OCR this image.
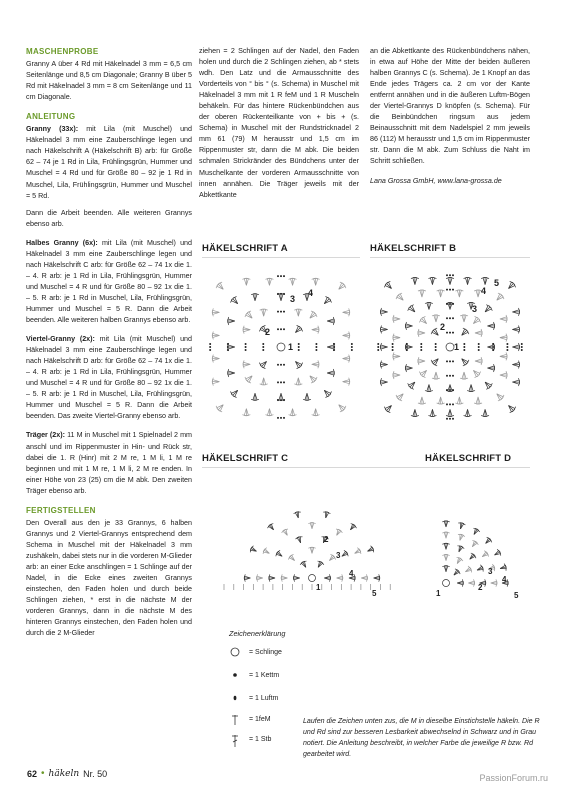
MASCHENPROBE

Granny A über 4 Rd mit Häkelnadel 3 mm = 6,5 cm Seitenlänge und 8,5 cm Diagonale; Granny B über 5 Rd mit Häkelnadel 3 mm = 8 cm Seitenlänge und 11 cm Diagonale.

ANLEITUNG

Granny (33x): mit Lila (mit Muschel) und Häkelnadel 3 mm eine Zauberschlinge legen und nach Häkelschrift A (Häkelschrift B) arb: für Größe 62 – 74 je 1 Rd in Lila, Frühlingsgrün, Hummer und Muschel = 4 Rd und für Größe 80 – 92 je 1 Rd in Muschel, Lila, Frühlingsgrün, Hummer und Muschel = 5 Rd.

Dann die Arbeit beenden. Alle weiteren Grannys ebenso arb.

Halbes Granny (6x): mit Lila (mit Muschel) und Häkelnadel 3 mm eine Zauberschlinge legen und nach Häkelschrift C arb: für Größe 62 – 74 1x die 1. – 4. R arb: je 1 Rd in Lila, Frühlingsgrün, Hummer und Muschel = 4 R und für Größe 80 – 92 1x die 1. – 5. R arb: je 1 Rd in Muschel, Lila, Frühlingsgrün, Hummer und Muschel = 5 R. Dann die Arbeit beenden. Alle weiteren halben Grannys ebenso arb.

Viertel-Granny (2x): mit Lila (mit Muschel) und Häkelnadel 3 mm eine Zauberschlinge legen und nach Häkelschrift D arb: für Größe 62 – 74 1x die 1. – 4. R arb: je 1 Rd in Lila, Frühlingsgrün, Hummer und Muschel = 4 R und für Größe 80 – 92 1x die 1. – 5. R arb: je 1 Rd in Muschel, Lila, Frühlingsgrün, Hummer und Muschel = 5 R. Dann die Arbeit beenden. Das zweite Viertel-Granny ebenso arb.

Träger (2x): 11 M in Muschel mit 1 Spielnadel 2 mm anschl und im Rippenmuster in Hin- und Rück str, dabei die 1. R (Hinr) mit 2 M re, 1 M li, 1 M re beginnen und mit 1 M re, 1 M li, 2 M re enden. In einer Höhe von 23 (25) cm die M abk. Den zweiten Träger ebenso arb.

FERTIGSTELLEN

Den Overall aus den je 33 Grannys, 6 halben Grannys und 2 Viertel-Grannys entsprechend dem Schema in Muschel mit der Häkelnadel 3 mm zushäkeln, dabei stets nur in die vorderen M-Glieder arb: an einer Ecke anschlingen = 1 Schlinge auf der Nadel, in die Ecke eines zweiten Grannys einstechen, den Faden holen und durch beide Schlingen ziehen, * erst in die nächste M der vorderen Grannys, dann in die nächste M des hinteren Grannys einstechen, den Faden holen und durch die 2 M-Glieder

ziehen = 2 Schlingen auf der Nadel, den Faden holen und durch die 2 Schlingen ziehen, ab * stets wdh. Den Latz und die Armausschnitte des Vorderteils von ° bis ° (s. Schema) in Muschel mit Häkelnadel 3 mm mit 1 R feM und 1 R Muscheln behäkeln. Für das hintere Rückenbündchen aus der oberen Rückenteilkante von + bis + (s. Schema) in Muschel mit der Rundstricknadel 2 mm 61 (79) M herausstr und 1,5 cm im Rippenmuster str, dann die M abk. Die beiden schmalen Strickränder des Bündchens unter der Muschelkante der vorderen Armausschnitte von innen annähen. Die Träger jeweils mit der Abkettkante

an die Abkettkante des Rückenbündchens nähen, in etwa auf Höhe der Mitte der beiden äußeren halben Grannys C (s. Schema). Je 1 Knopf an das Ende jedes Trägers ca. 2 cm vor der Kante entfernt annähen und in die äußeren Luftm-Bögen der Viertel-Grannys D knöpfen (s. Schema). Für die Beinbündchen ringsum aus jedem Beinausschnitt mit dem Nadelspiel 2 mm jeweils 86 (112) M herausstr und 1,5 cm im Rippenmuster str. Dann die M abk. Zum Schluss die Naht im Schritt schließen.

Lana Grossa GmbH, www.lana-grossa.de
HÄKELSCHRIFT A	HÄKELSCHRIFT B
HÄKELSCHRIFT C	HÄKELSCHRIFT D
3
4
2
1
5
4
3
2
1
5
4
3
2
1
5
4
3
2
1
Zeichenerklärung
= Schlinge
= 1 Kettm
= 1 Luftm
= 1feM
= 1 Stb
Laufen die Zeichen unten zus, die M in dieselbe Einstichstelle häkeln. Die R und Rd sind zur besseren Lesbarkeit abwechselnd in Schwarz und in Grau notiert. Die Anleitung beschreibt, in welcher Farbe die jeweilige R bzw. Rd gearbeitet wird.
62 • häkeln Nr. 50	PassionForum.ru
